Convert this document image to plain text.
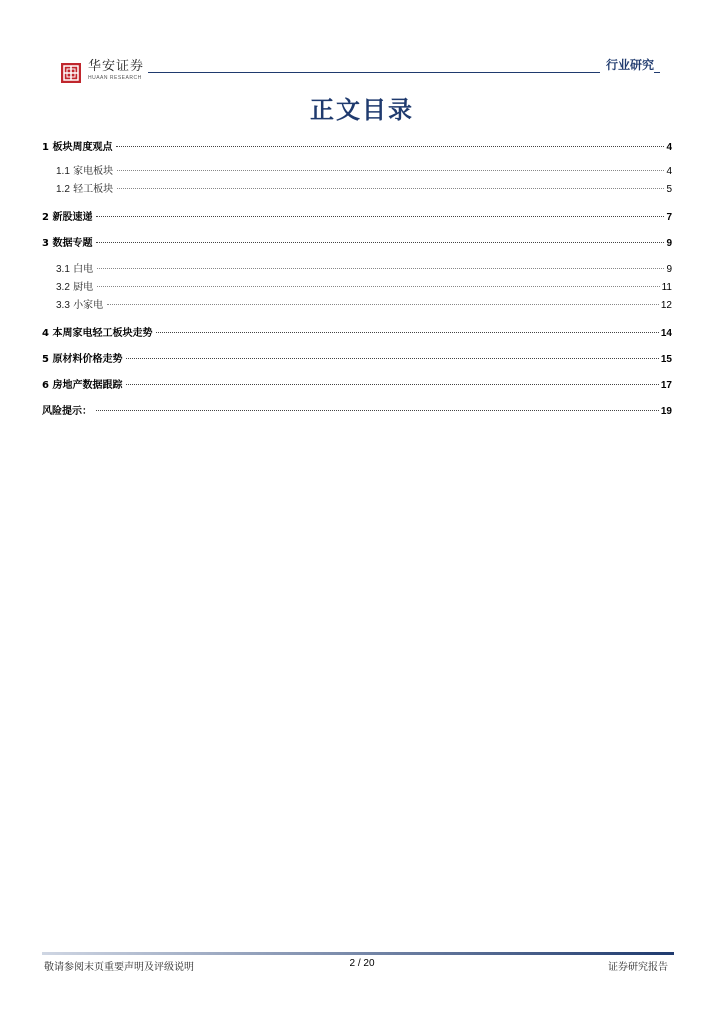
华安证券
HUAAN RESEARCH
行业研究
正文目录
1 板块周度观点	4
1.1 家电板块	4
1.2 轻工板块	5
2 新股速递	7
3 数据专题	9
3.1 白电	9
3.2 厨电	11
3.3 小家电	12
4 本周家电轻工板块走势	14
5 原材料价格走势	15
6 房地产数据跟踪	17
风险提示：	19
敬请参阅末页重要声明及评级说明	2 / 20	证券研究报告
